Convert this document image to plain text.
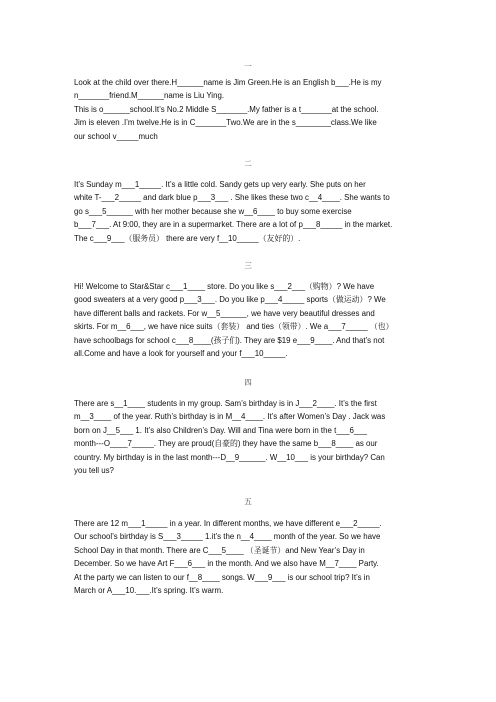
一
Look at the child over there.H______name is Jim Green.He is an English b___.He is my
n_______friend.M______name is Liu Ying.
This is o______school.It’s No.2 Middle S_______.My father is a t_______at the school.
Jim is eleven .I’m twelve.He is in C_______Two.We are in the s________class.We like
our school v_____much
二
It’s Sunday m___1_____. It’s a little cold. Sandy gets up very early. She puts on her
white T-___2_____ and dark blue p___3___ . She likes these two c__4____. She wants to
go s___5______ with her mother because she w__6____ to buy some exercise
b___7___. At 9:00, they are in a supermarket. There are a lot of p___8_____ in the market.
The c___9___（服务员） there are very f__10_____（友好的）.
三
Hi! Welcome to Star&Star c___1____ store. Do you like s___2___（购物）? We have
good sweaters at a very good p___3___. Do you like p___4_____ sports（做运动）? We
have different balls and rackets. For w__5______, we have very beautiful dresses and
skirts. For m__6___, we have nice suits（套装） and ties（领带）. We a___7_____ （也）
have schoolbags for school c___8____(孩子们). They are $19 e___9____. And that’s not
all.Come and have a look for yourself and your f___10_____.
四
There are s__1____ students in my group. Sam’s birthday is in J___2____. It’s the first
m__3____ of the year. Ruth’s birthday is in M__4____. It’s after Women’s Day . Jack was
born on J__5___ 1. It’s also Children’s Day. Will and Tina were born in the t___6___
month---O____7_____. They are proud(自豪的) they have the same b___8____ as our
country. My birthday is in the last month---D__9______. W__10___ is your birthday? Can
you tell us?
五
There are 12 m___1_____ in a year. In different months, we have different e___2_____.
Our school’s birthday is S___3_____ 1.it’s the n__4____ month of the year. So we have
School Day in that month. There are C___5____ （圣诞节）and New Year’s Day in
December. So we have Art F___6___ in the month. And we also have M__7____ Party.
At the party we can listen to our f__8____ songs. W___9___ is our school trip? It’s in
March or A___10.___.It’s spring. It’s warm.
